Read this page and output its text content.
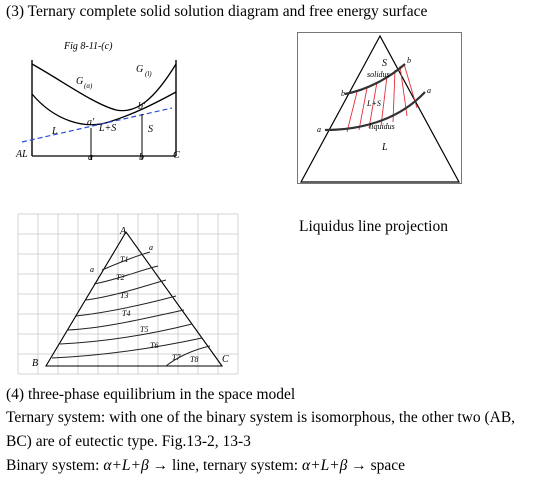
(3) Ternary complete solid solution diagram and free energy surface
Fig 8-11-(c)
G (α)
G (l)
a'
b'
L	L+S	S
AL	a	b	C
S
solidus
L+S
liquidus
L
a
b	a
b
Liquidus line projection
A
B	C
a
a
T1
T2
T3
T4
T5
T6
T7 T8
(4) three-phase equilibrium in the space model
Ternary system: with one of the binary system is isomorphous, the other two (AB,
BC) are of eutectic type. Fig.13-2, 13-3
Binary system: α+L+β → line, ternary system: α+L+β → space
